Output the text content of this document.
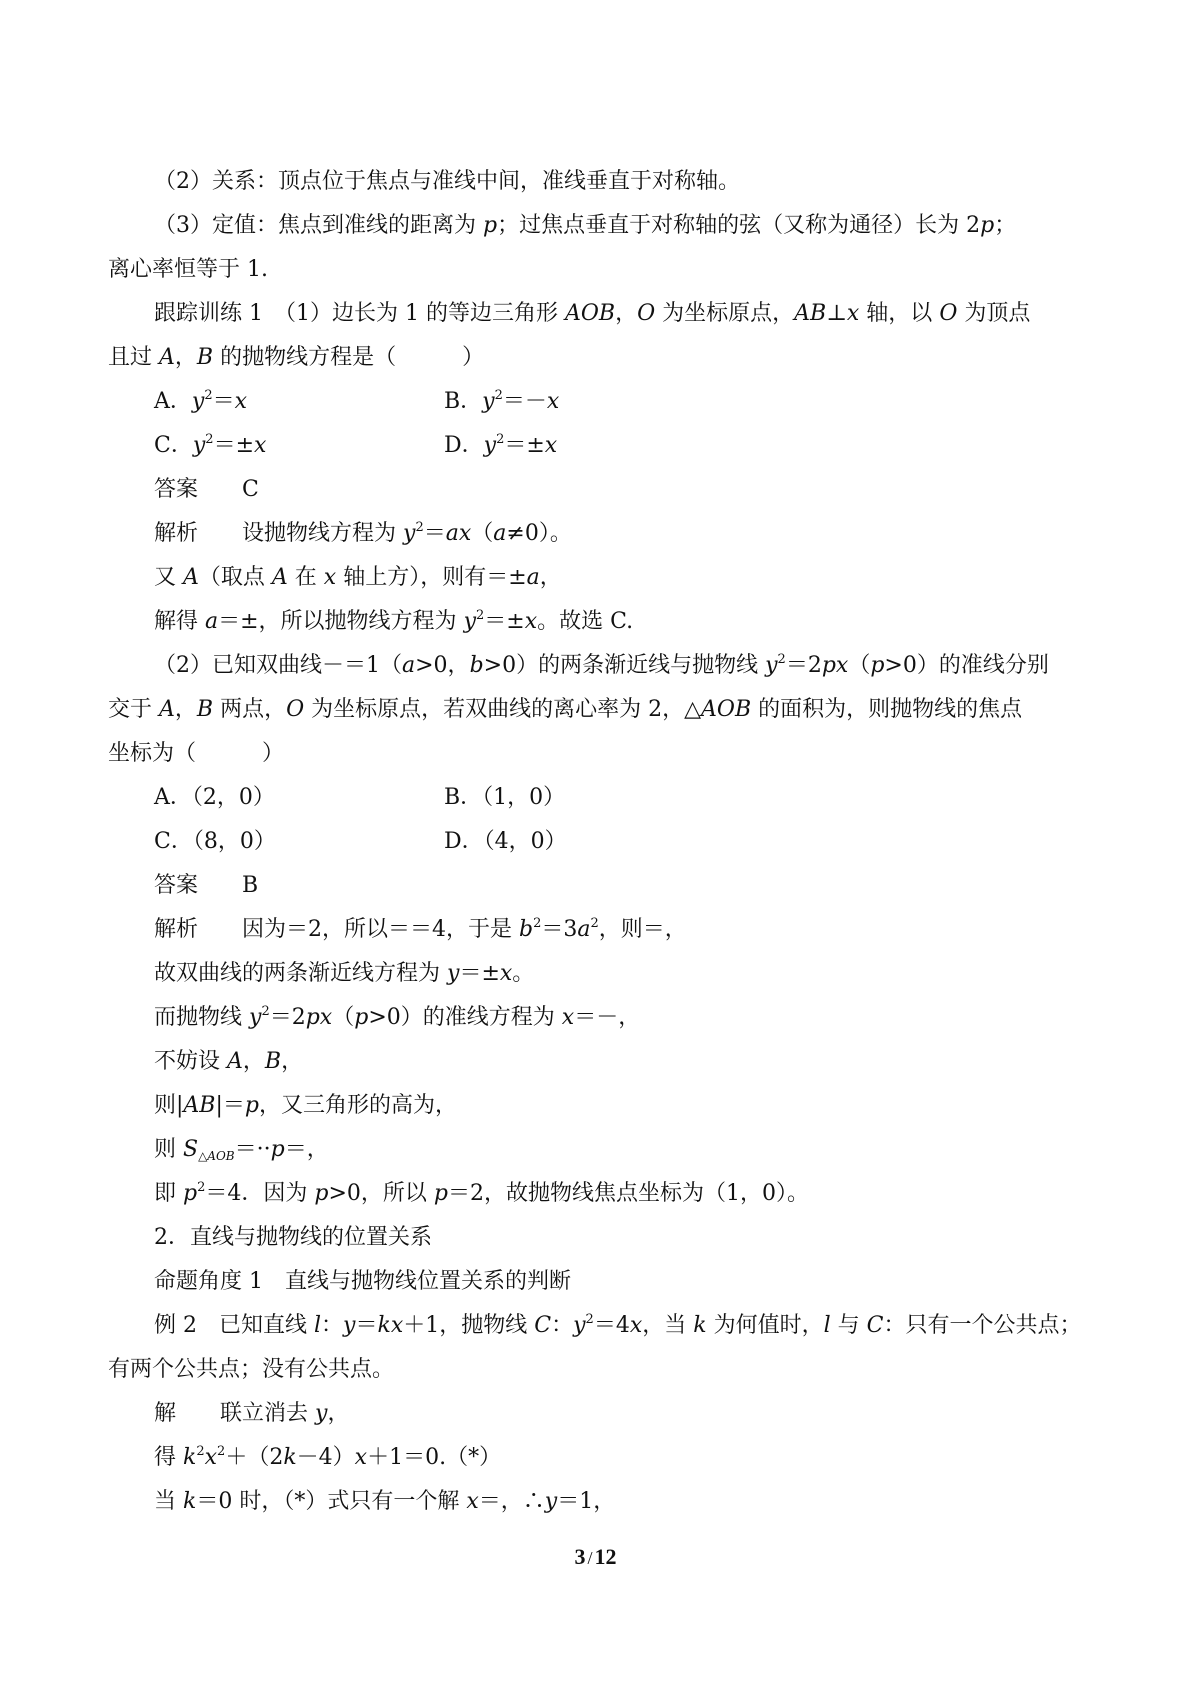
（2）关系：顶点位于焦点与准线中间，准线垂直于对称轴。

（3）定值：焦点到准线的距离为 p；过焦点垂直于对称轴的弦（又称为通径）长为 2p；

离心率恒等于 1.

跟踪训练 1　（1）边长为 1 的等边三角形 AOB，O 为坐标原点，AB⊥x 轴，以 O 为顶点

且过 A，B 的抛物线方程是（　　　）

A．$y^2=x$	B．$y^2=-x$
C．$y^2=\pm x$	D．$y^2=\pm x$

答案 C

解析 设抛物线方程为 $y^2=ax(a\ne 0)$。

又 A（取点 A 在 x 轴上方），则有＝±a，

解得 a＝±，所以抛物线方程为 $y^2=\pm x$。故选 C.

（2）已知双曲线－＝1（a>0，b>0）的两条渐近线与抛物线 $y^2=2px(p>0)$的准线分别

交于 A，B 两点，O 为坐标原点，若双曲线的离心率为 2，△AOB 的面积为，则抛物线的焦点

坐标为（　　　）

A．（2，0）	B．（1，0）
C．（8，0）	D．（4，0）

答案 B

解析 因为＝2，所以＝＝4，于是 $b^2=3a^2$，则＝，

故双曲线的两条渐近线方程为 y＝±x。

而抛物线 $y^2=2px(p>0)$的准线方程为 x＝－，

不妨设 A，B，

则|AB|＝p，又三角形的高为，

则 $S_{\triangle AOB}=\cdot\cdot p=$，

即 $p^2=4$．因为 p>0，所以 p＝2，故抛物线焦点坐标为（1，0）。

2．直线与抛物线的位置关系

命题角度 1　直线与抛物线位置关系的判断

例 2　已知直线 l：y＝kx＋1，抛物线 C：$y^2=4x$，当 k 为何值时，l 与 C：只有一个公共点；

有两个公共点；没有公共点。

解 联立消去 y，

得 $k^2x^2+(2k-4)x+1=0.(*)$

当 k＝0 时，（*）式只有一个解 x＝，∴y＝1，

3 /12
